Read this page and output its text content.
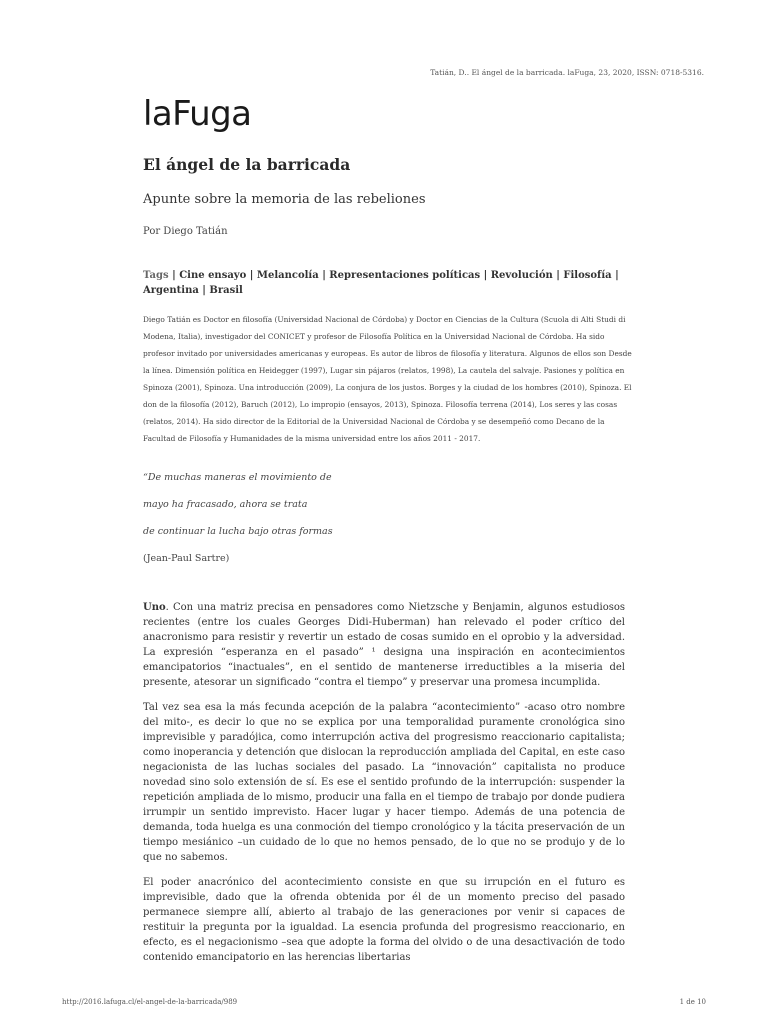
Tatián, D.. El ángel de la barricada. laFuga, 23, 2020, ISSN: 0718-5316.
laFuga
El ángel de la barricada
Apunte sobre la memoria de las rebeliones
Por Diego Tatián
Tags | Cine ensayo | Melancolía | Representaciones políticas | Revolución | Filosofía | Argentina | Brasil
Diego Tatián es Doctor en filosofía (Universidad Nacional de Córdoba) y Doctor en Ciencias de la Cultura (Scuola di Alti Studi di Modena, Italia), investigador del CONICET y profesor de Filosofía Política en la Universidad Nacional de Córdoba. Ha sido profesor invitado por universidades americanas y europeas. Es autor de libros de filosofía y literatura. Algunos de ellos son Desde la línea. Dimensión política en Heidegger (1997), Lugar sin pájaros (relatos, 1998), La cautela del salvaje. Pasiones y política en Spinoza (2001), Spinoza. Una introducción (2009), La conjura de los justos. Borges y la ciudad de los hombres (2010), Spinoza. El don de la filosofía (2012), Baruch (2012), Lo impropio (ensayos, 2013), Spinoza. Filosofía terrena (2014), Los seres y las cosas (relatos, 2014). Ha sido director de la Editorial de la Universidad Nacional de Córdoba y se desempeñó como Decano de la Facultad de Filosofía y Humanidades de la misma universidad entre los años 2011 - 2017.
“De muchas maneras el movimiento de
mayo ha fracasado, ahora se trata
de continuar la lucha bajo otras formas
(Jean-Paul Sartre)

Uno. Con una matriz precisa en pensadores como Nietzsche y Benjamin, algunos estudiosos recientes (entre los cuales Georges Didi-Huberman) han relevado el poder crítico del anacronismo para resistir y revertir un estado de cosas sumido en el oprobio y la adversidad. La expresión “esperanza en el pasado” ¹ designa una inspiración en acontecimientos emancipatorios “inactuales”, en el sentido de mantenerse irreductibles a la miseria del presente, atesorar un significado “contra el tiempo” y preservar una promesa incumplida.

Tal vez sea esa la más fecunda acepción de la palabra “acontecimiento” -acaso otro nombre del mito-, es decir lo que no se explica por una temporalidad puramente cronológica sino imprevisible y paradójica, como interrupción activa del progresismo reaccionario capitalista; como inoperancia y detención que dislocan la reproducción ampliada del Capital, en este caso negacionista de las luchas sociales del pasado. La “innovación” capitalista no produce novedad sino solo extensión de sí. Es ese el sentido profundo de la interrupción: suspender la repetición ampliada de lo mismo, producir una falla en el tiempo de trabajo por donde pudiera irrumpir un sentido imprevisto. Hacer lugar y hacer tiempo. Además de una potencia de demanda, toda huelga es una conmoción del tiempo cronológico y la tácita preservación de un tiempo mesiánico –un cuidado de lo que no hemos pensado, de lo que no se produjo y de lo que no sabemos.

El poder anacrónico del acontecimiento consiste en que su irrupción en el futuro es imprevisible, dado que la ofrenda obtenida por él de un momento preciso del pasado permanece siempre allí, abierto al trabajo de las generaciones por venir si capaces de restituir la pregunta por la igualdad. La esencia profunda del progresismo reaccionario, en efecto, es el negacionismo –sea que adopte la forma del olvido o de una desactivación de todo contenido emancipatorio en las herencias libertarias

http://2016.lafuga.cl/el-angel-de-la-barricada/989	1 de 10
